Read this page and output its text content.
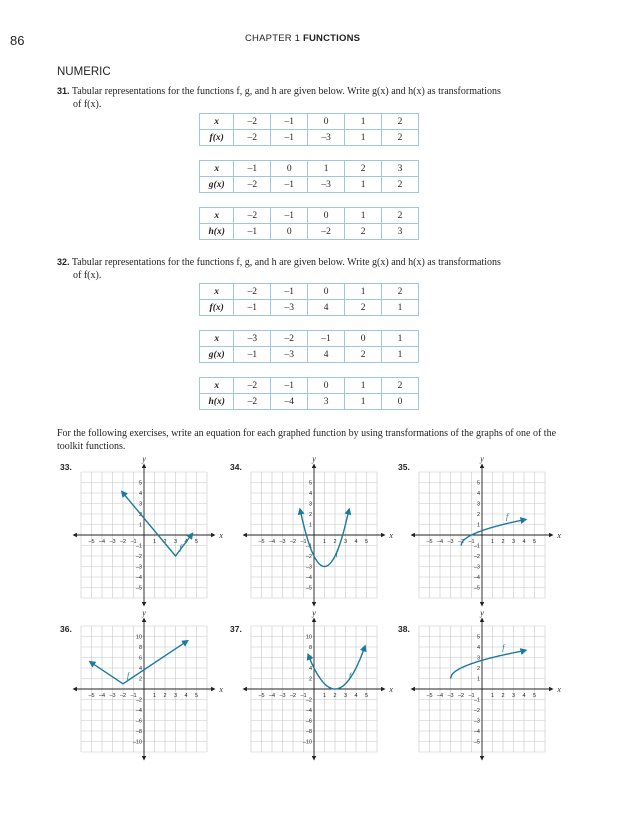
86	CHAPTER 1 FUNCTIONS
NUMERIC
31. Tabular representations for the functions f, g, and h are given below. Write g(x) and h(x) as transformations
of f(x).
x	–2	–1	0	1	2
f(x)	–2	–1	–3	1	2
x	–1	0	1	2	3
g(x)	–2	–1	–3	1	2
x	–2	–1	0	1	2
h(x)	–1	0	–2	2	3
32. Tabular representations for the functions f, g, and h are given below. Write g(x) and h(x) as transformations
of f(x).
x	–2	–1	0	1	2
f(x)	–1	–3	4	2	1
x	–3	–2	–1	0	1
g(x)	–1	–3	4	2	1
x	–2	–1	0	1	2
h(x)	–2	–4	3	1	0
For the following exercises, write an equation for each graphed function by using transformations of the graphs of one of the toolkit functions.
33.
–5 –4 –3 –2 –1	1 2 3 4 5
5
4
3
2
1
–1
–2
–3
–4
–5
x
y
f
34.
–5 –4 –3 –2 –1	1 2 3 4 5
5
4
3
2
1
–1
–2
–3
–4
–5
x
y
f
35.
–5 –4 –3 –2 –1	1 2 3 4 5
5
4
3
2
1
–1
–2
–3
–4
–5
x
y
f
36.
–5 –4 –3 –2 –1	1 2 3 4 5
10
8
6
4
2
–2
–4
–6
–8
–10
x
y
f
37.
–5 –4 –3 –2 –1	1 2 3 4 5
10
8
6
4
2
–2
–4
–6
–8
–10
x
y
f
38.
–5 –4 –3 –2 –1	1 2 3 4 5
5
4
3
2
1
–1
–2
–3
–4
–5
x
y
f
